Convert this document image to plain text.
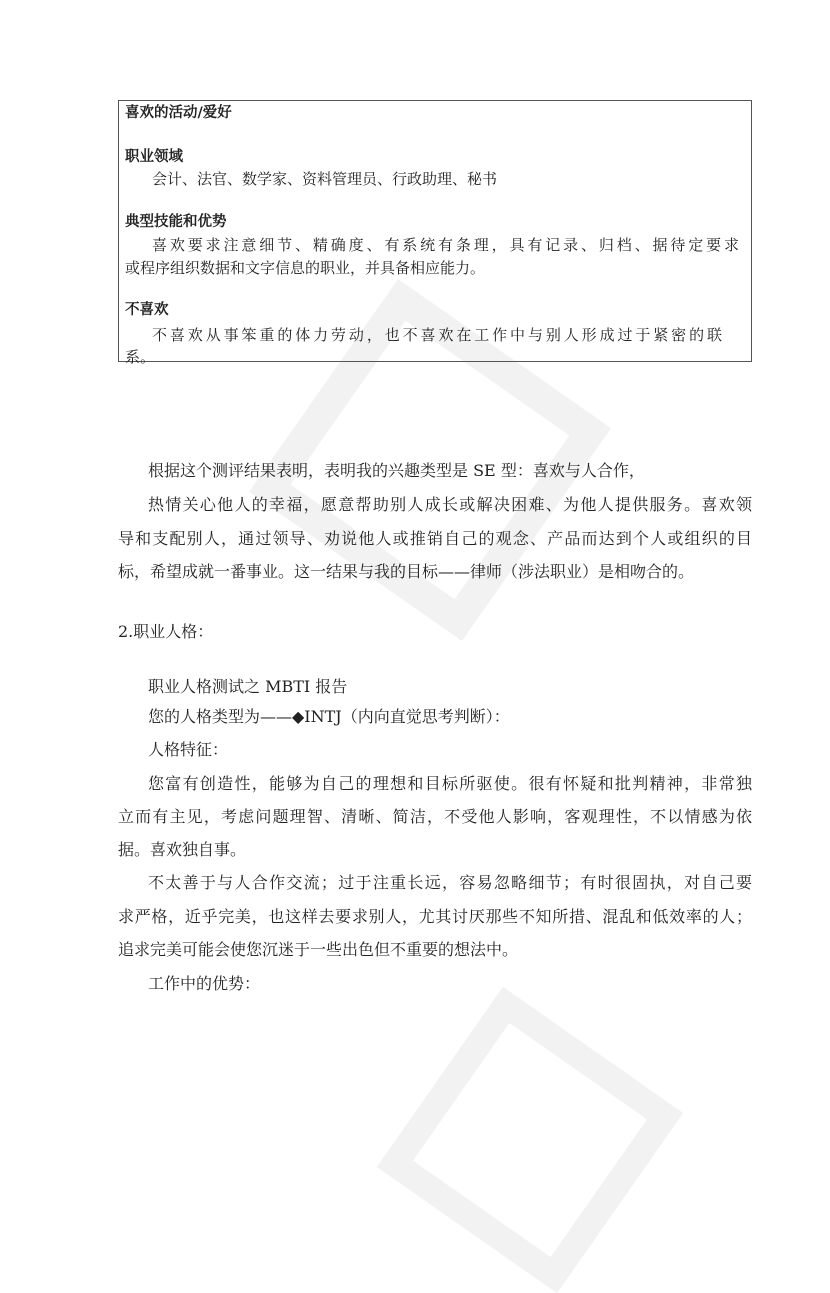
喜欢的活动/爱好
职业领域
会计、法官、数学家、资料管理员、行政助理、秘书
典型技能和优势
喜欢要求注意细节、精确度、有系统有条理，具有记录、归档、据待定要求
或程序组织数据和文字信息的职业，并具备相应能力。
不喜欢
不喜欢从事笨重的体力劳动，也不喜欢在工作中与别人形成过于紧密的联
系。
根据这个测评结果表明，表明我的兴趣类型是 SE 型：喜欢与人合作，
热情关心他人的幸福，愿意帮助别人成长或解决困难、为他人提供服务。喜欢领
导和支配别人，通过领导、劝说他人或推销自己的观念、产品而达到个人或组织的目
标，希望成就一番事业。这一结果与我的目标——律师（涉法职业）是相吻合的。
2.职业人格：
职业人格测试之 MBTI 报告
您的人格类型为——◆INTJ（内向直觉思考判断）：
人格特征：
您富有创造性，能够为自己的理想和目标所驱使。很有怀疑和批判精神，非常独
立而有主见，考虑问题理智、清晰、简洁，不受他人影响，客观理性，不以情感为依
据。喜欢独自事。
不太善于与人合作交流；过于注重长远，容易忽略细节；有时很固执，对自己要
求严格，近乎完美，也这样去要求别人，尤其讨厌那些不知所措、混乱和低效率的人；
追求完美可能会使您沉迷于一些出色但不重要的想法中。
工作中的优势：
